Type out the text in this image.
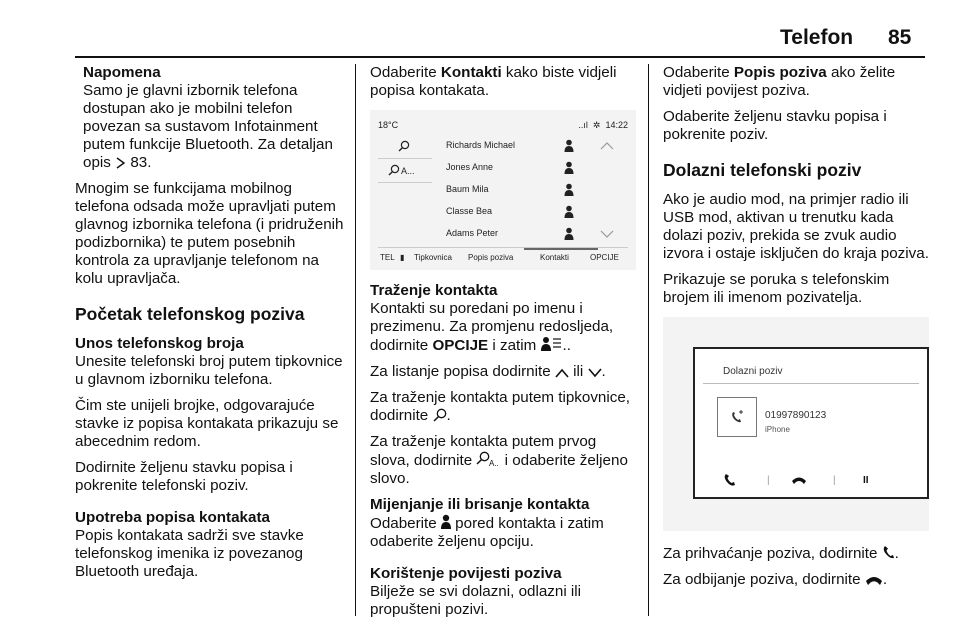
Telefon 85
Napomena
Samo je glavni izbornik telefona dostupan ako je mobilni telefon povezan sa sustavom Infotainment putem funkcije Bluetooth. Za detaljan opis 83.

Mnogim se funkcijama mobilnog telefona odsada može upravljati putem glavnog izbornika telefona (i pridruženih podizbornika) te putem posebnih kontrola za upravljanje telefonom na kolu upravljača.

Početak telefonskog poziva
Unos telefonskog broja

Unesite telefonski broj putem tipkovnice u glavnom izborniku telefona.

Čim ste unijeli brojke, odgovarajuće stavke iz popisa kontakata prikazuju se abecednim redom.

Dodirnite željenu stavku popisa i pokrenite telefonski poziv.

Upotreba popisa kontakata

Popis kontakata sadrži sve stavke telefonskog imenika iz povezanog Bluetooth uređaja.

Odaberite Kontakti kako biste vidjeli popisa kontakata.

18°C	..ıl  ✲  14:22
A...
Richards Michael
Jones Anne
Baum Mila
Classe Bea
Adams Peter
TEL ▮ Tipkovnica Popis poziva	Kontakti	OPCIJE
Traženje kontakta

Kontakti su poredani po imenu i prezimenu. Za promjenu redosljeda, dodirnite OPCIJE i zatim ..

Za listanje popisa dodirnite ili .

Za traženje kontakta putem tipkovnice, dodirnite .

Za traženje kontakta putem prvog slova, dodirnite A.. i odaberite željeno slovo.

Mijenjanje ili brisanje kontakta

Odaberite pored kontakta i zatim odaberite željenu opciju.

Korištenje povijesti poziva

Bilježe se svi dolazni, odlazni ili propušteni pozivi.

Odaberite Popis poziva ako želite vidjeti povijest poziva.

Odaberite željenu stavku popisa i pokrenite poziv.

Dolazni telefonski poziv

Ako je audio mod, na primjer radio ili USB mod, aktivan u trenutku kada dolazi poziv, prekida se zvuk audio izvora i ostaje isključen do kraja poziva.

Prikazuje se poruka s telefonskim brojem ili imenom pozivatelja.

Dolazni poziv
01997890123
iPhone
|	|	II

Za prihvaćanje poziva, dodirnite .

Za odbijanje poziva, dodirnite .
